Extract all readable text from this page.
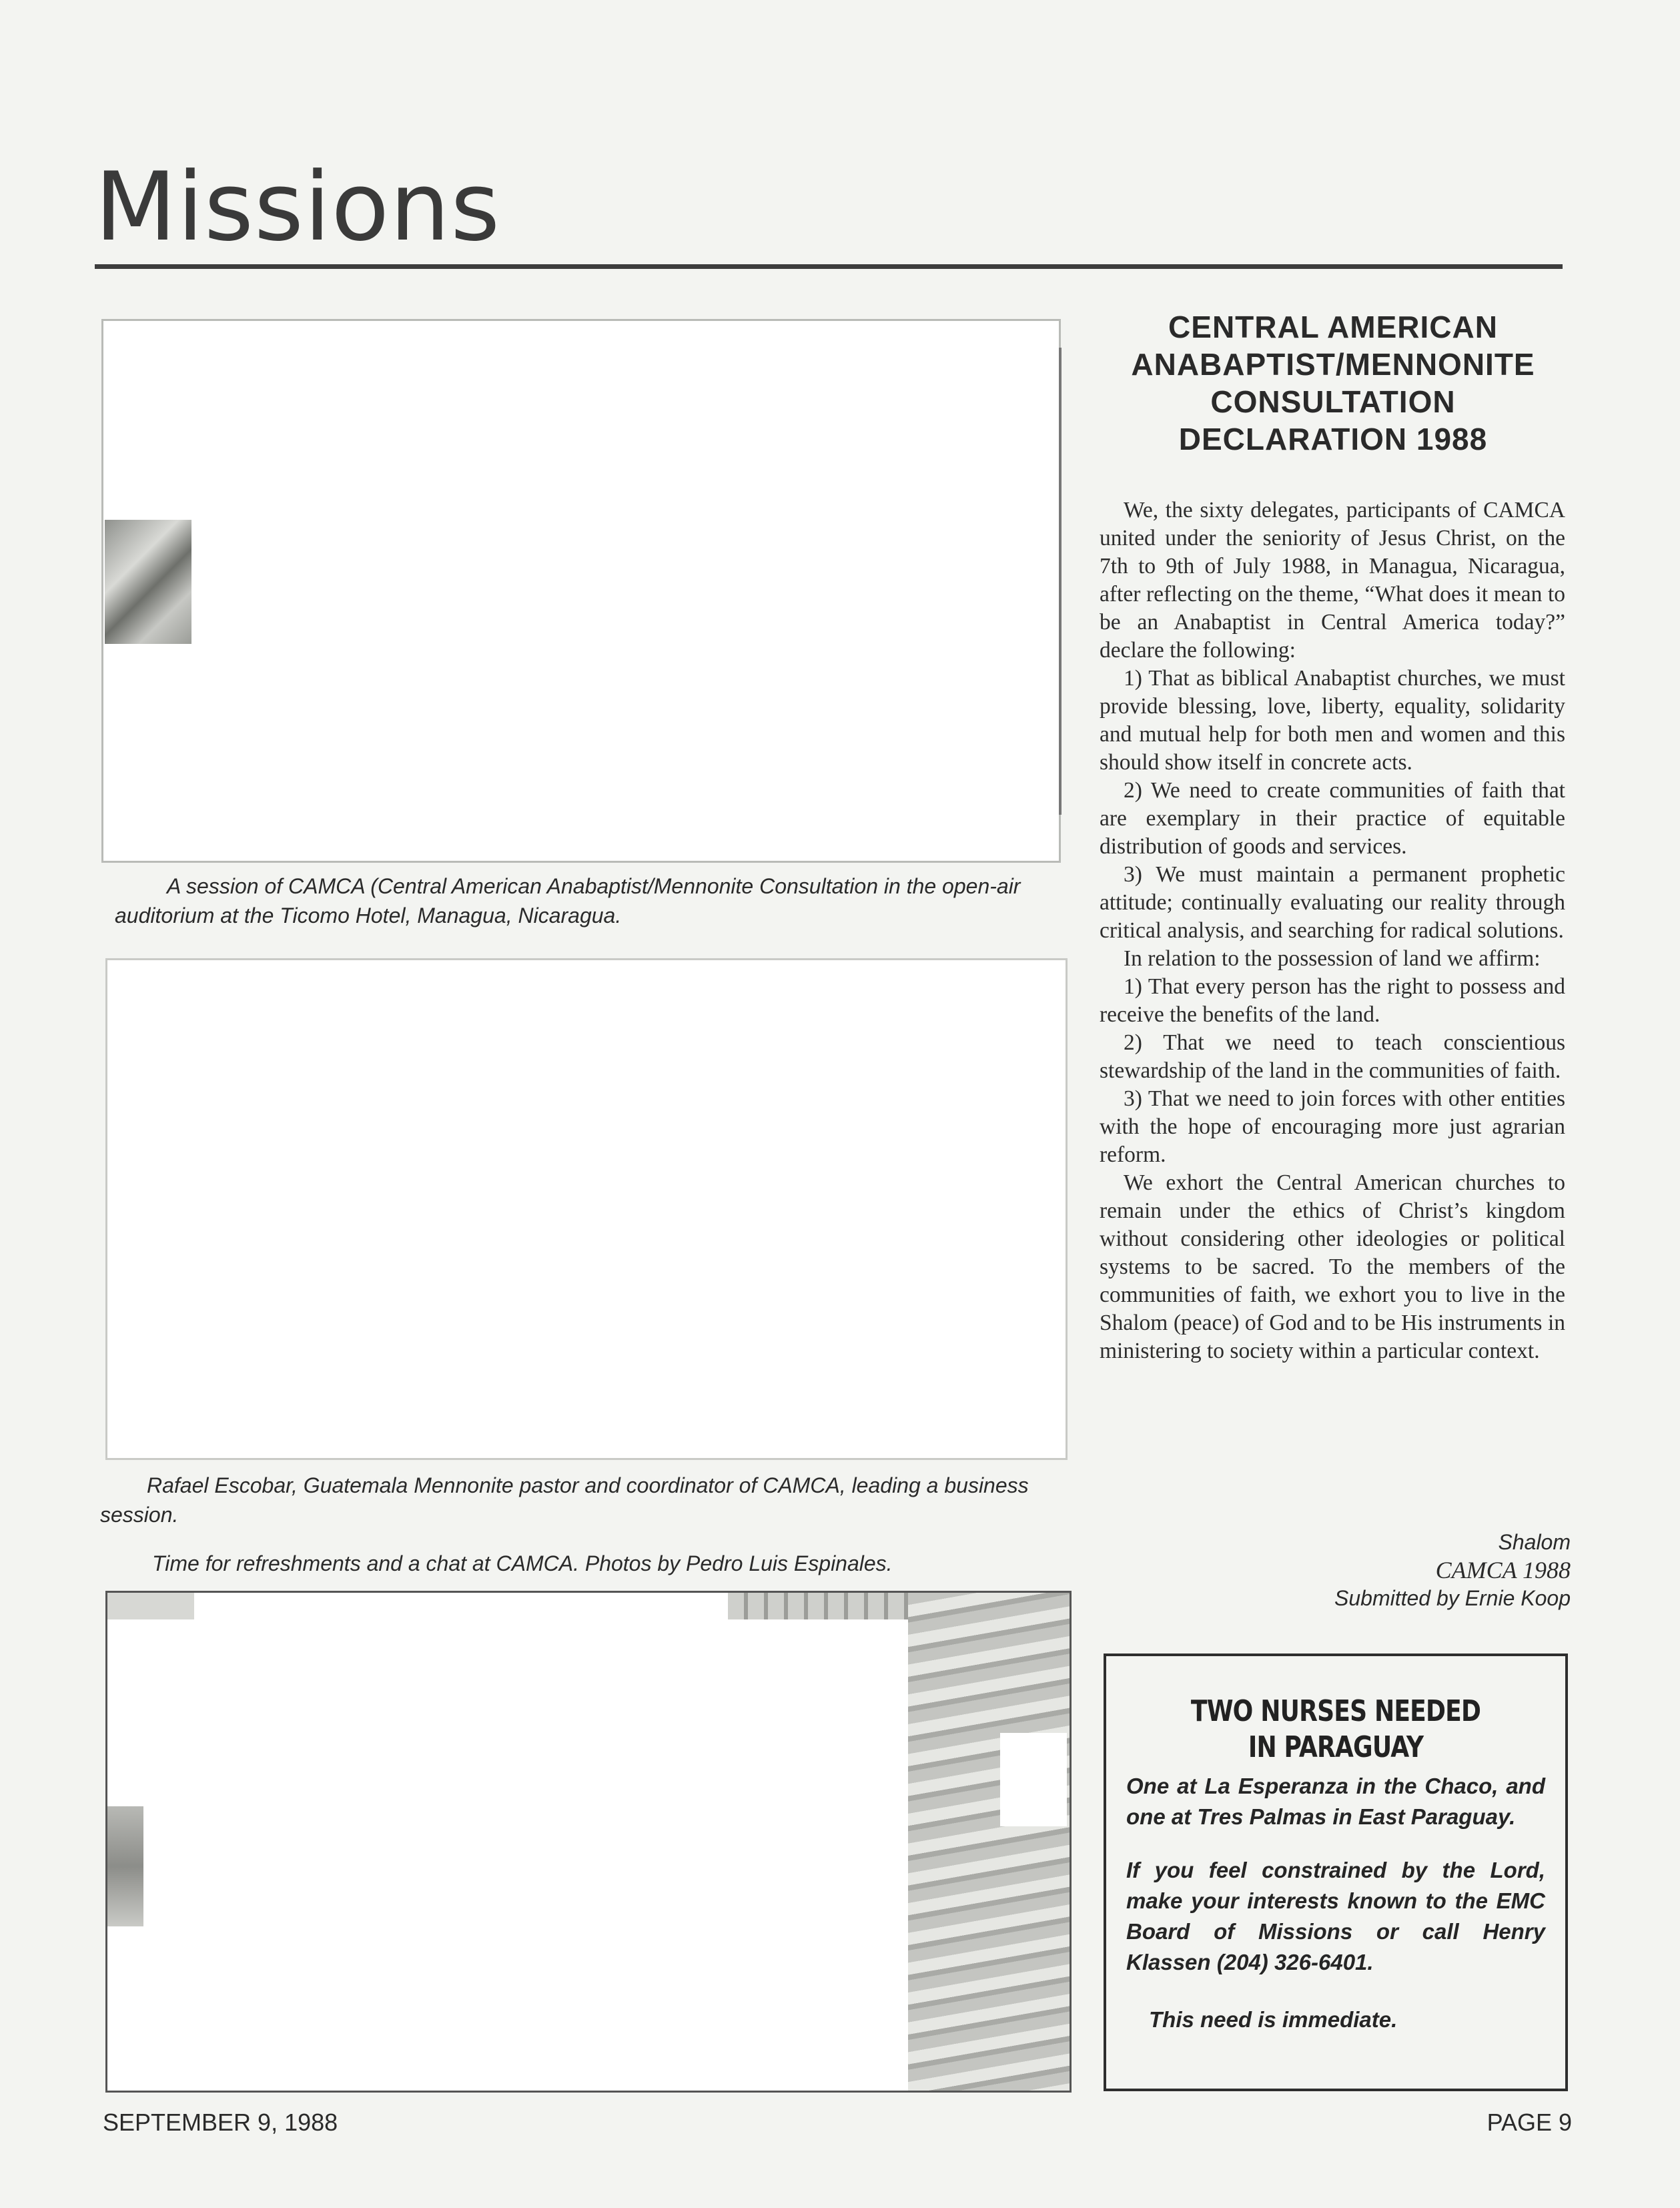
Missions

A session of CAMCA (Central American Anabaptist/Mennonite Consultation in the open-air auditorium at the Ticomo Hotel, Managua, Nicaragua.

Rafael Escobar, Guatemala Mennonite pastor and coordinator of CAMCA, leading a business session.

Time for refreshments and a chat at CAMCA. Photos by Pedro Luis Espinales.

CENTRAL AMERICAN
ANABAPTIST/MENNONITE
CONSULTATION
DECLARATION 1988

We, the sixty delegates, participants of CAMCA united under the seniority of Jesus Christ, on the 7th to 9th of July 1988, in Managua, Nicaragua, after reflecting on the theme, “What does it mean to be an Anabaptist in Central America today?” declare the following:

1) That as biblical Anabaptist churches, we must provide blessing, love, liberty, equality, solidarity and mutual help for both men and women and this should show itself in concrete acts.

2) We need to create communities of faith that are exemplary in their practice of equitable distribution of goods and services.

3) We must maintain a permanent prophetic attitude; continually evaluating our reality through critical analysis, and searching for radical solutions.

In relation to the possession of land we affirm:

1) That every person has the right to possess and receive the benefits of the land.

2) That we need to teach conscientious stewardship of the land in the communities of faith.

3) That we need to join forces with other entities with the hope of encouraging more just agrarian reform.

We exhort the Central American churches to remain under the ethics of Christ’s kingdom without considering other ideologies or political systems to be sacred. To the members of the communities of faith, we exhort you to live in the Shalom (peace) of God and to be His instruments in ministering to society within a particular context.

Shalom
CAMCA 1988
Submitted by Ernie Koop
TWO NURSES NEEDED
IN PARAGUAY

One at La Esperanza in the Chaco, and one at Tres Palmas in East Paraguay.

If you feel constrained by the Lord, make your interests known to the EMC Board of Missions or call Henry Klassen (204) 326-6401.

This need is immediate.

SEPTEMBER 9, 1988	PAGE 9
